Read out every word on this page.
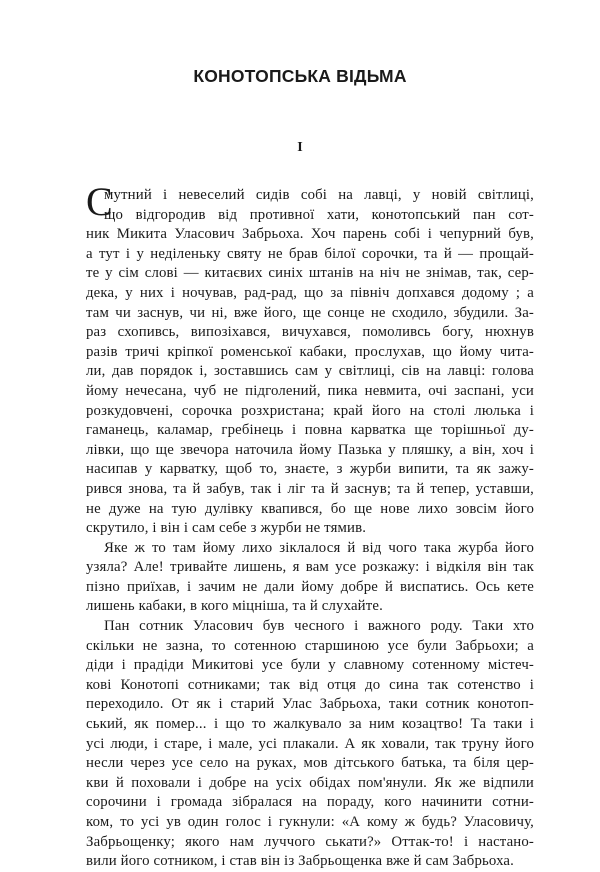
КОНОТОПСЬКА ВІДЬМА
І
С
мутний і невеселий сидів собі на лавці, у новій світлиці,
що відгородив від противної хати, конотопський пан сот-
ник Микита Уласович Забрьоха. Хоч парень собі і чепурний був,
а тут і у неділеньку святу не брав білої сорочки, та й — прощай-
те у сім слові — китаєвих синіх штанів на ніч не знімав, так, сер-
дека, у них і ночував, рад-рад, що за північ допхався додому ; а
там чи заснув, чи ні, вже його, ще сонце не сходило, збудили. За-
раз схопивсь, випозіхався, вичухався, помоливсь богу, нюхнув
разів тричі кріпкої роменської кабаки, прослухав, що йому чита-
ли, дав порядок і, зоставшись сам у світлиці, сів на лавці: голова
йому нечесана, чуб не підголений, пика невмита, очі заспані, уси
розкудовчені, сорочка розхристана; край його на столі люлька і
гаманець, каламар, гребінець і повна карватка ще торішньої ду-
лівки, що ще звечора наточила йому Пазька у пляшку, а він, хоч і
насипав у карватку, щоб то, знаєте, з журби випити, та як зажу-
рився знова, та й забув, так і ліг та й заснув; та й тепер, уставши,
не дуже на тую дулівку квапився, бо ще нове лихо зовсім його
скрутило, і він і сам себе з журби не тямив.
Яке ж то там йому лихо зіклалося й від чого така журба його
узяла? Але! тривайте лишень, я вам усе розкажу: і відкіля він так
пізно приїхав, і зачим не дали йому добре й виспатись. Ось кете
лишень кабаки, в кого міцніша, та й слухайте.
Пан сотник Уласович був чесного і важного роду. Таки хто
скільки не зазна, то сотенною старшиною усе були Забрьохи; а
діди і прадіди Микитові усе були у славному сотенному містеч-
кові Конотопі сотниками; так від отця до сина так сотенство і
переходило. От як і старий Улас Забрьоха, таки сотник конотоп-
ський, як помер... і що то жалкувало за ним козацтво! Та таки і
усі люди, і старе, і мале, усі плакали. А як ховали, так труну його
несли через усе село на руках, мов дітського батька, та біля цер-
кви й поховали і добре на усіх обідах пом'янули. Як же відпили
сорочини і громада зібралася на пораду, кого начинити сотни-
ком, то усі ув один голос і гукнули: «А кому ж будь? Уласовичу,
Забрьощенку; якого нам луччого ськати?» Оттак-то! і настано-
вили його сотником, і став він із Забрьощенка вже й сам Забрьоха.
